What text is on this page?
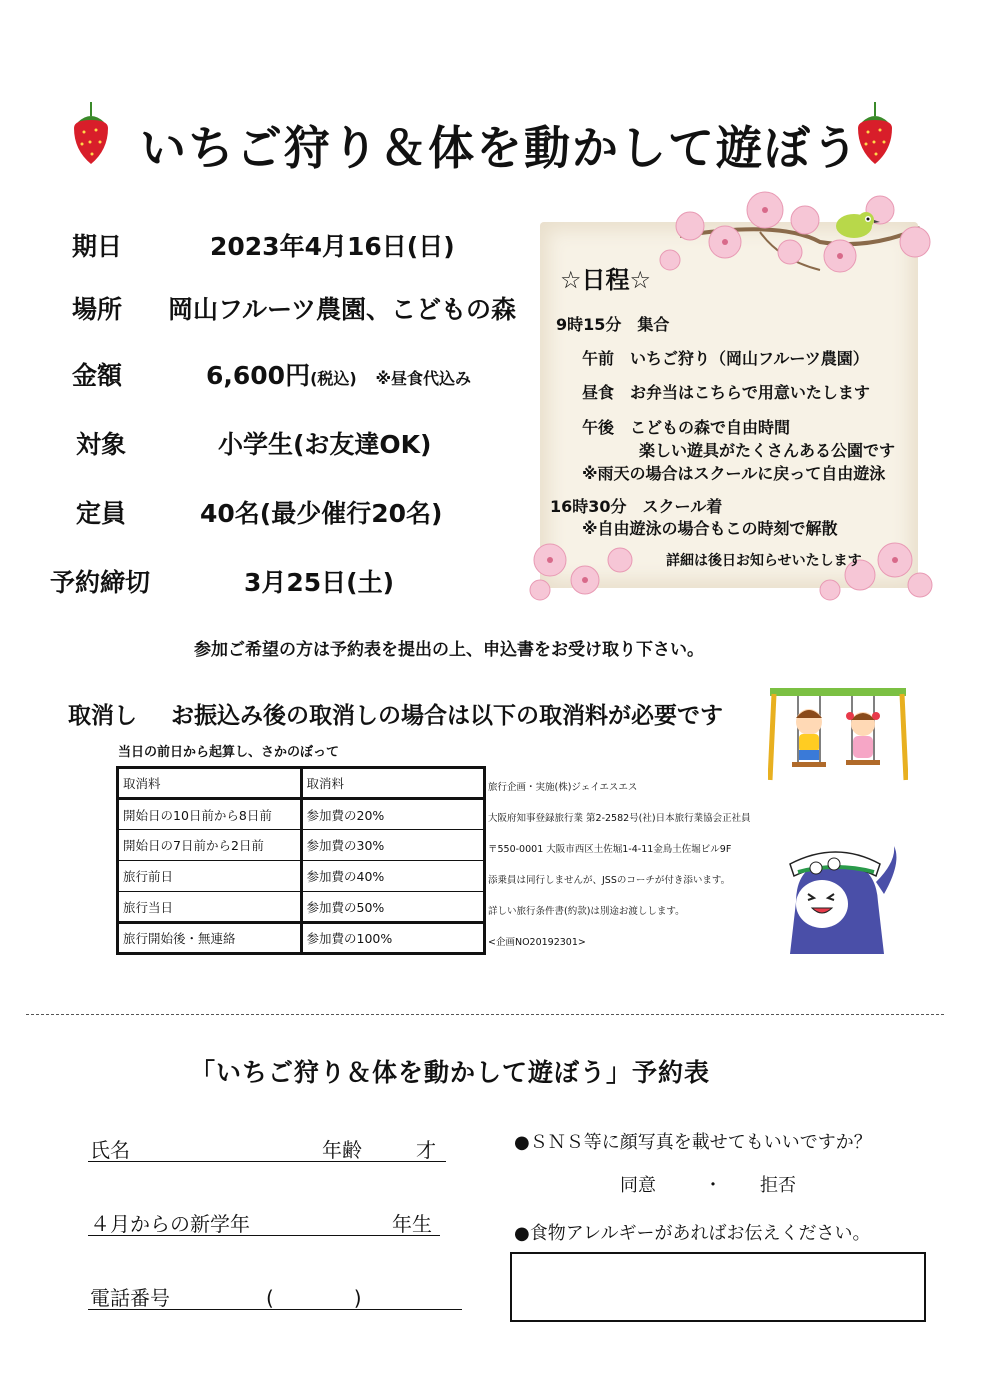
いちご狩り＆体を動かして遊ぼう
期日	2023年4月16日(日)
場所 岡山フルーツ農園、こどもの森
金額	6,600円(税込) ※昼食代込み
対象	小学生(お友達OK)
定員	40名(最少催行20名)
予約締切	3月25日(土)
☆日程☆
9時15分　集合
午前　いちご狩り（岡山フルーツ農園）
昼食　お弁当はこちらで用意いたします
午後　こどもの森で自由時間
楽しい遊具がたくさんある公園です
※雨天の場合はスクールに戻って自由遊泳
16時30分　スクール着
※自由遊泳の場合もこの時刻で解散
詳細は後日お知らせいたします
参加ご希望の方は予約表を提出の上、申込書をお受け取り下さい。
取消し お振込み後の取消しの場合は以下の取消料が必要です
当日の前日から起算し、さかのぼって
取消料	取消料
開始日の10日前から8日前	参加費の20%
開始日の7日前から2日前	参加費の30%
旅行前日	参加費の40%
旅行当日	参加費の50%
旅行開始後・無連絡	参加費の100%
旅行企画・実施(株)ジェイエスエス
大阪府知事登録旅行業 第2-2582号(社)日本旅行業協会正社員
〒550-0001 大阪市西区土佐堀1-4-11金鳥土佐堀ビル9F
添乗員は同行しませんが、JSSのコーチが付き添います。
詳しい旅行条件書(約款)は別途お渡しします。
<企画NO20192301>
「いちご狩り＆体を動かして遊ぼう」予約表
氏名	年齢	才
４月からの新学年	年生
電話番号	(　　　　)
●ＳＮＳ等に顔写真を載せてもいいですか？
同意	・ 拒否
●食物アレルギーがあればお伝えください。
